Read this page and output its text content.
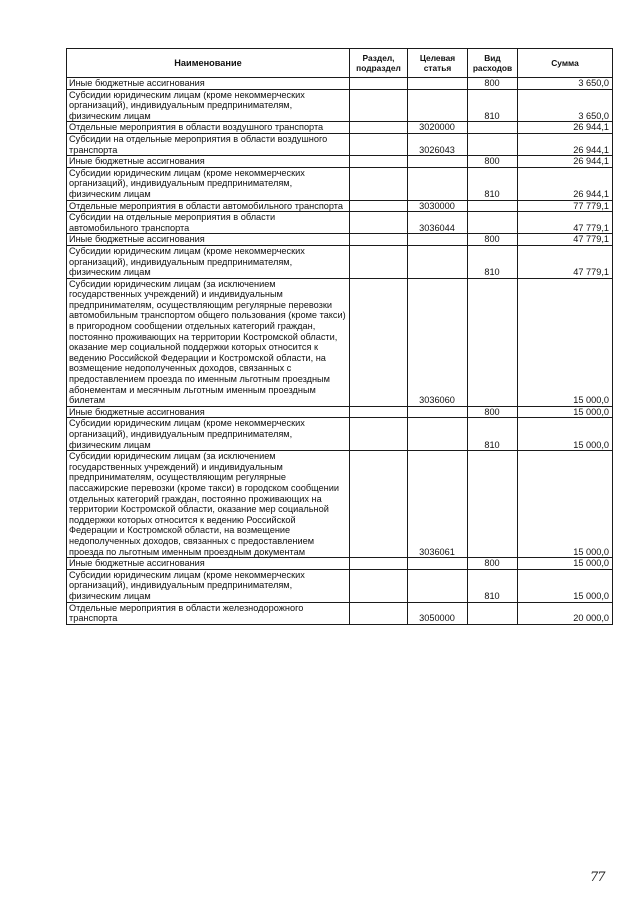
Наименование	Раздел, подраздел	Целевая статья	Вид расходов	Сумма
Иные бюджетные ассигнования			800	3 650,0
Субсидии юридическим лицам (кроме некоммерческих организаций), индивидуальным предпринимателям, физическим лицам			810	3 650,0
Отдельные мероприятия в области воздушного транспорта		3020000		26 944,1
Субсидии на отдельные мероприятия в области воздушного транспорта		3026043		26 944,1
Иные бюджетные ассигнования			800	26 944,1
Субсидии юридическим лицам (кроме некоммерческих организаций), индивидуальным предпринимателям, физическим лицам			810	26 944,1
Отдельные мероприятия в области автомобильного транспорта		3030000		77 779,1
Субсидии на отдельные мероприятия в области автомобильного транспорта		3036044		47 779,1
Иные бюджетные ассигнования			800	47 779,1
Субсидии юридическим лицам (кроме некоммерческих организаций), индивидуальным предпринимателям, физическим лицам			810	47 779,1
Субсидии юридическим лицам (за исключением государственных учреждений) и индивидуальным предпринимателям, осуществляющим регулярные перевозки автомобильным транспортом общего пользования (кроме такси) в пригородном сообщении отдельных категорий граждан, постоянно проживающих на территории Костромской области, оказание мер социальной поддержки которых относится к ведению Российской Федерации и Костромской области, на возмещение недополученных доходов, связанных с предоставлением проезда по именным льготным проездным абонементам и месячным льготным именным проездным билетам		3036060		15 000,0
Иные бюджетные ассигнования			800	15 000,0
Субсидии юридическим лицам (кроме некоммерческих организаций), индивидуальным предпринимателям, физическим лицам			810	15 000,0
Субсидии юридическим лицам (за исключением государственных учреждений) и индивидуальным предпринимателям, осуществляющим регулярные пассажирские перевозки (кроме такси) в городском сообщении отдельных категорий граждан, постоянно проживающих на территории Костромской области, оказание мер социальной поддержки которых относится к ведению Российской Федерации и Костромской области, на возмещение недополученных доходов, связанных с предоставлением проезда по льготным именным проездным документам		3036061		15 000,0
Иные бюджетные ассигнования			800	15 000,0
Субсидии юридическим лицам (кроме некоммерческих организаций), индивидуальным предпринимателям, физическим лицам			810	15 000,0
Отдельные мероприятия в области железнодорожного транспорта		3050000		20 000,0
77
